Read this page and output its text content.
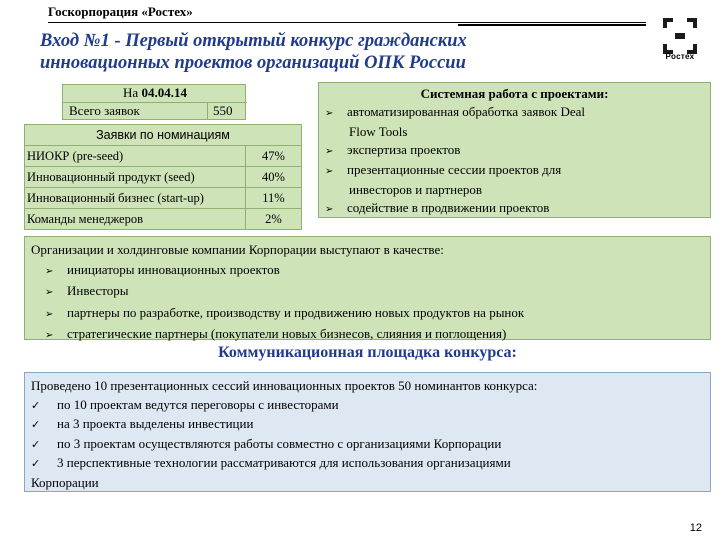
Госкорпорация «Ростех»
Ростех
Вход №1 - Первый открытый конкурс гражданских
инновационных проектов организаций ОПК России
На 04.04.14
Всего заявок	550
Заявки по номинациям	
НИОКР (pre-seed)	47%
Инновационный продукт (seed)	40%
Инновационный бизнес (start-up)	11%
Команды менеджеров	2%
Системная работа с проектами:
➢ автоматизированная обработка заявок Deal
Flow Tools
➢ экспертиза проектов
➢ презентационные сессии проектов для
инвесторов и партнеров
➢ содействие в продвижении проектов
Организации и холдинговые компании Корпорации выступают в качестве:
➢ инициаторы инновационных проектов
➢ Инвесторы
➢ партнеры по разработке, производству и продвижению новых продуктов на рынок
➢ стратегические партнеры (покупатели новых бизнесов, слияния и поглощения)
Коммуникационная площадка конкурса:
Проведено 10 презентационных сессий инновационных проектов 50 номинантов конкурса:
✓ по 10 проектам ведутся переговоры с инвесторами
✓ на 3 проекта выделены инвестиции
✓ по 3 проектам осуществляются работы совместно с организациями Корпорации
✓ 3 перспективные технологии рассматриваются для использования организациями
Корпорации
12
